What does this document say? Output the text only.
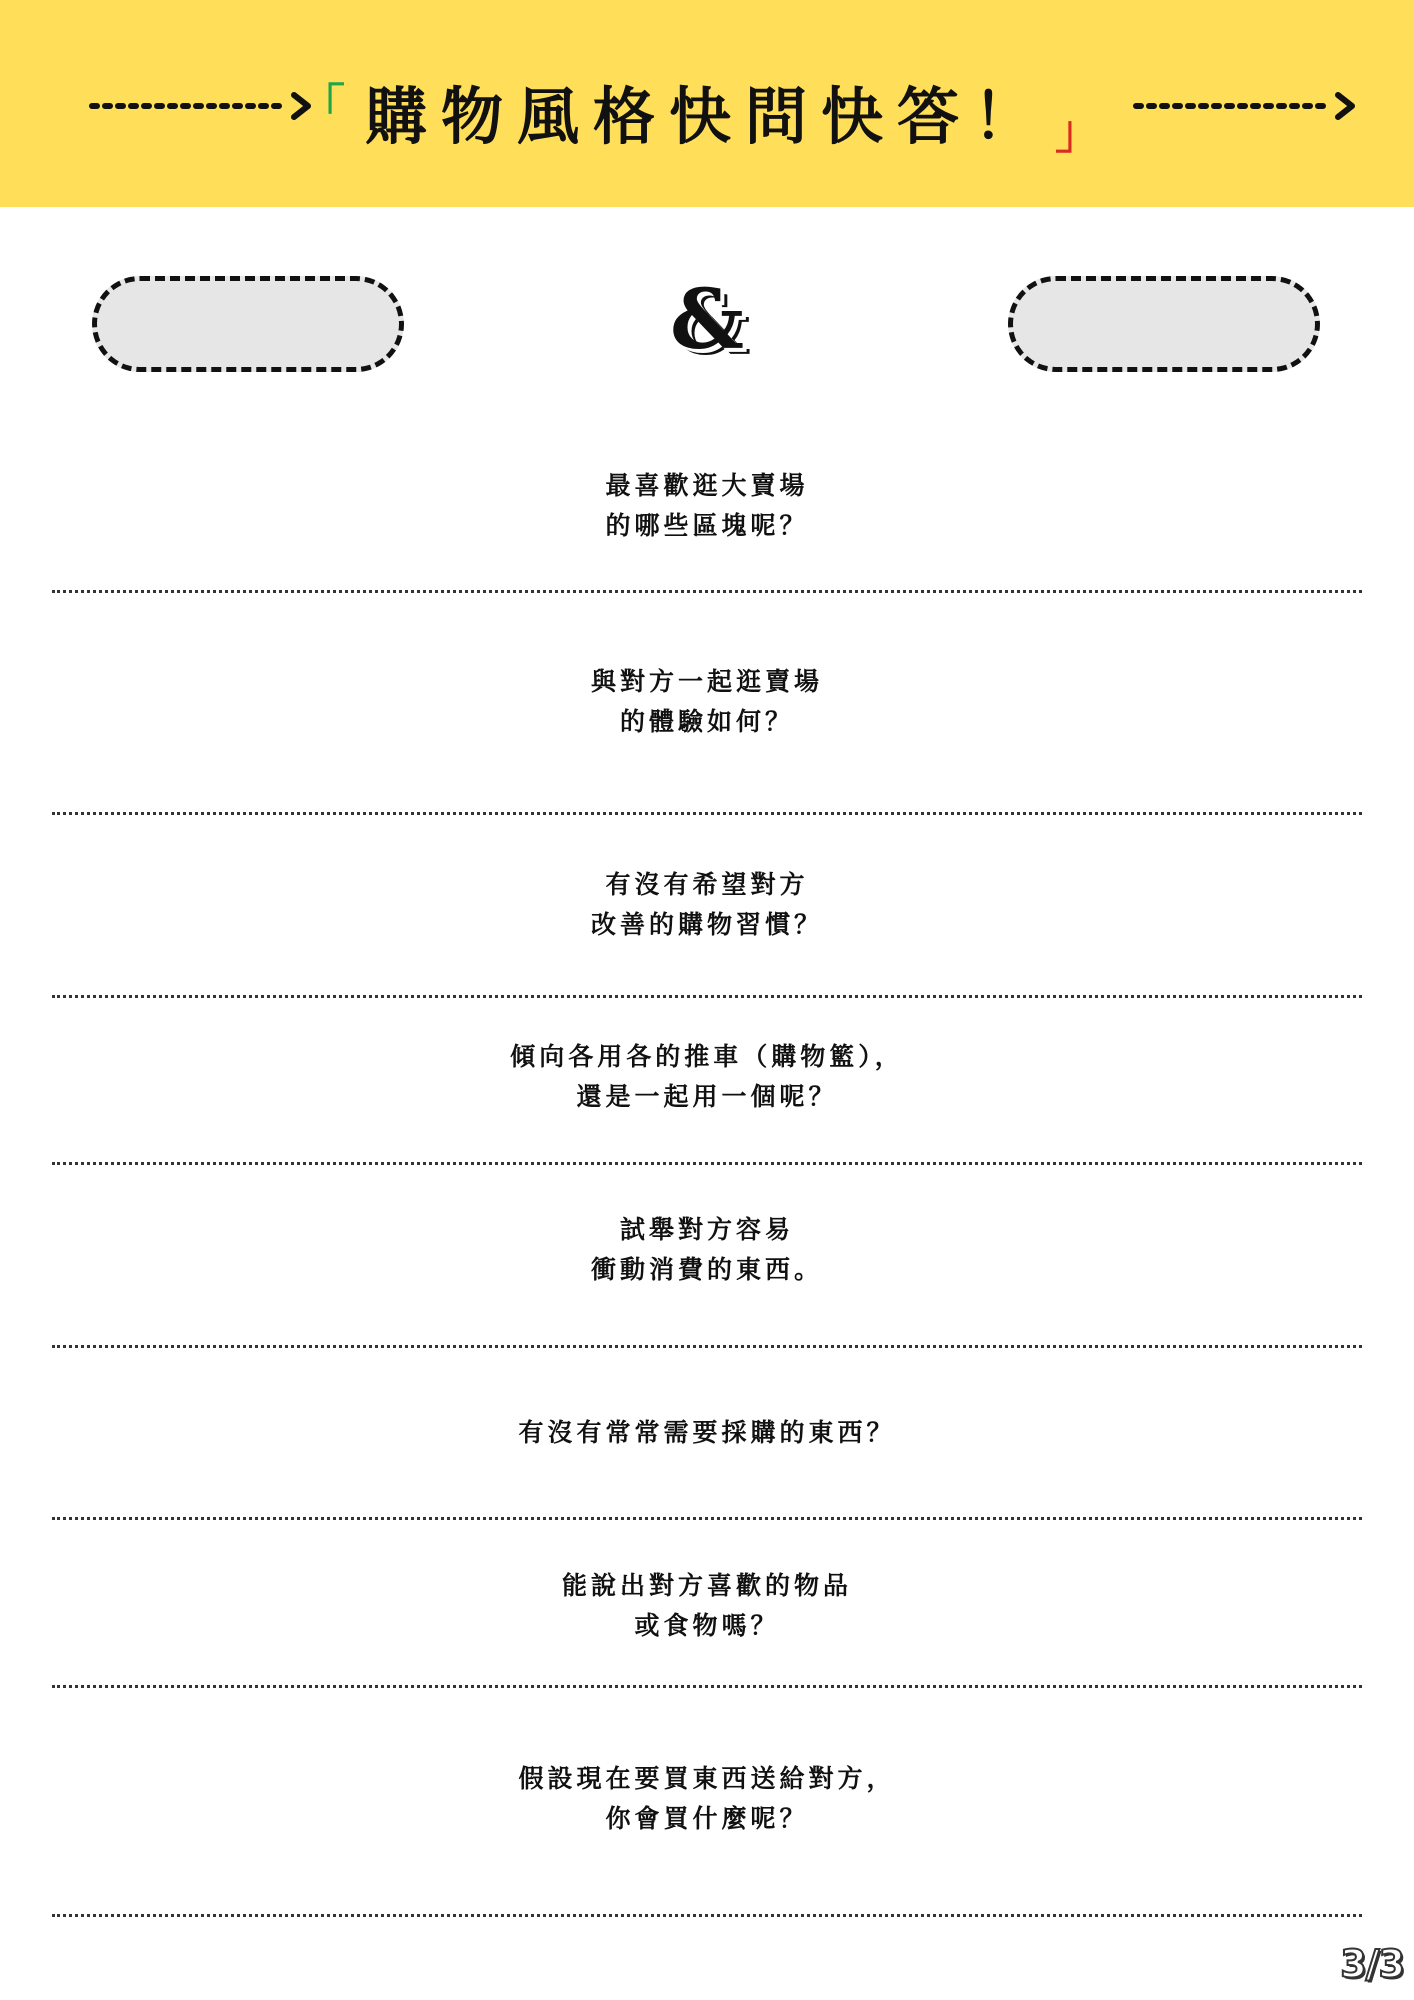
「購物風格快問快答！ 」
&
最喜歡逛大賣場
的哪些區塊呢？
與對方一起逛賣場
的體驗如何？
有沒有希望對方
改善的購物習慣？
傾向各用各的推車（購物籃），
還是一起用一個呢？
試舉對方容易
衝動消費的東西。
有沒有常常需要採購的東西？
能說出對方喜歡的物品
或食物嗎？
假設現在要買東西送給對方，
你會買什麼呢？
3/3
